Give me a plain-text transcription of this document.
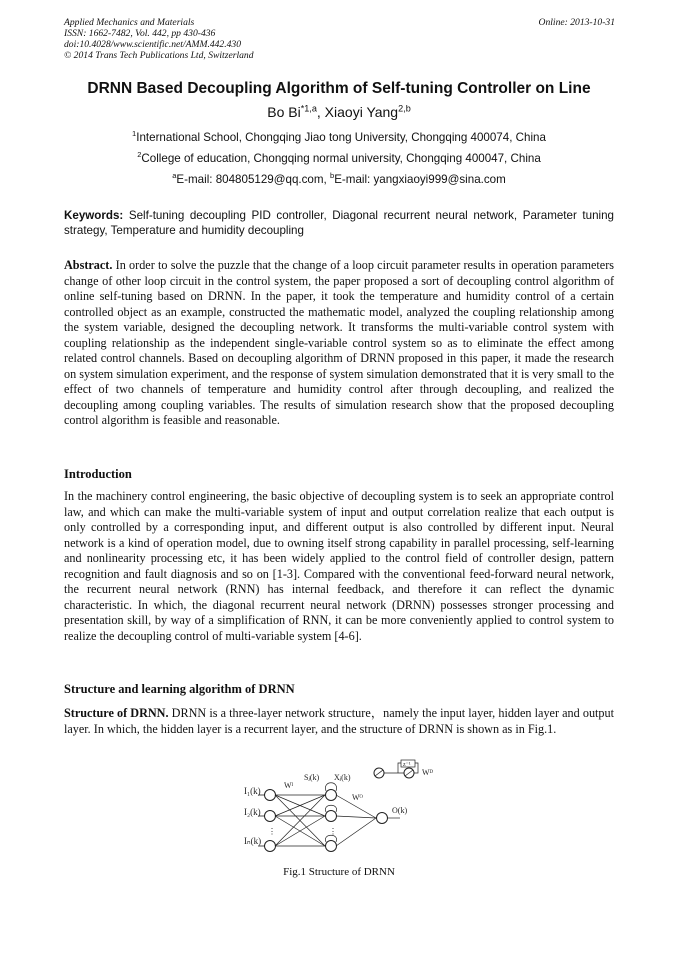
Applied Mechanics and Materials
ISSN: 1662-7482, Vol. 442, pp 430-436
doi:10.4028/www.scientific.net/AMM.442.430
© 2014 Trans Tech Publications Ltd, Switzerland
Online: 2013-10-31
DRNN Based Decoupling Algorithm of Self-tuning Controller on Line
Bo Bi$^{*1,a}$, Xiaoyi Yang$^{2,b}$
$^1$International School, Chongqing Jiao tong University, Chongqing 400074, China
$^2$College of education, Chongqing normal university, Chongqing 400047, China
$^a$E-mail: 804805129@qq.com, $^b$E-mail: yangxiaoyi999@sina.com
Keywords: Self-tuning decoupling PID controller, Diagonal recurrent neural network, Parameter tuning strategy, Temperature and humidity decoupling
Abstract. In order to solve the puzzle that the change of a loop circuit parameter results in operation parameters change of other loop circuit in the control system, the paper proposed a sort of decoupling control algorithm of online self-tuning based on DRNN. In the paper, it took the temperature and humidity control of a certain controlled object as an example, constructed the mathematic model, analyzed the coupling relationship among the system variable, designed the decoupling network. It transforms the multi-variable control system with coupling relationship as the independent single-variable control system so as to eliminate the effect among related control channels. Based on decoupling algorithm of DRNN proposed in this paper, it made the research on system simulation experiment, and the response of system simulation demonstrated that it is very small to the effect of two channels of temperature and humidity control after through decoupling, and realized the decoupling among coupling variables. The results of simulation research show that the proposed decoupling control algorithm is feasible and reasonable.
Introduction
In the machinery control engineering, the basic objective of decoupling system is to seek an appropriate control law, and which can make the multi-variable system of input and output correlation realize that each output is only controlled by a corresponding input, and different output is also controlled by different input. Neural network is a kind of operation model, due to owning itself strong capability in parallel processing, self-learning and nonlinearity processing etc, it has been widely applied to the control field of controller design, pattern recognition and fault diagnosis and so on [1-3]. Compared with the conventional feed-forward neural network, the recurrent neural network (RNN) has internal feedback, and therefore it can reflect the dynamic characteristic. In which, the diagonal recurrent neural network (DRNN) possesses stronger processing and presentation skill, by way of a simplification of RNN, it can be more conveniently applied to control system to realize the decoupling control of multi-variable system [4-6].
Structure and learning algorithm of DRNN
Structure of DRNN. DRNN is a three-layer network structure，namely the input layer, hidden layer and output layer. In which, the hidden layer is a recurrent layer, and the structure of DRNN is shown as in Fig.1.
⋮	⋮
I₁(k)
I₂(k)
Iₙ(k)
Wᴵ
Sⱼ(k) Xⱼ(k)
Wᴼ
Wᴰ
z⁻¹
O(k)
Fig.1 Structure of DRNN
